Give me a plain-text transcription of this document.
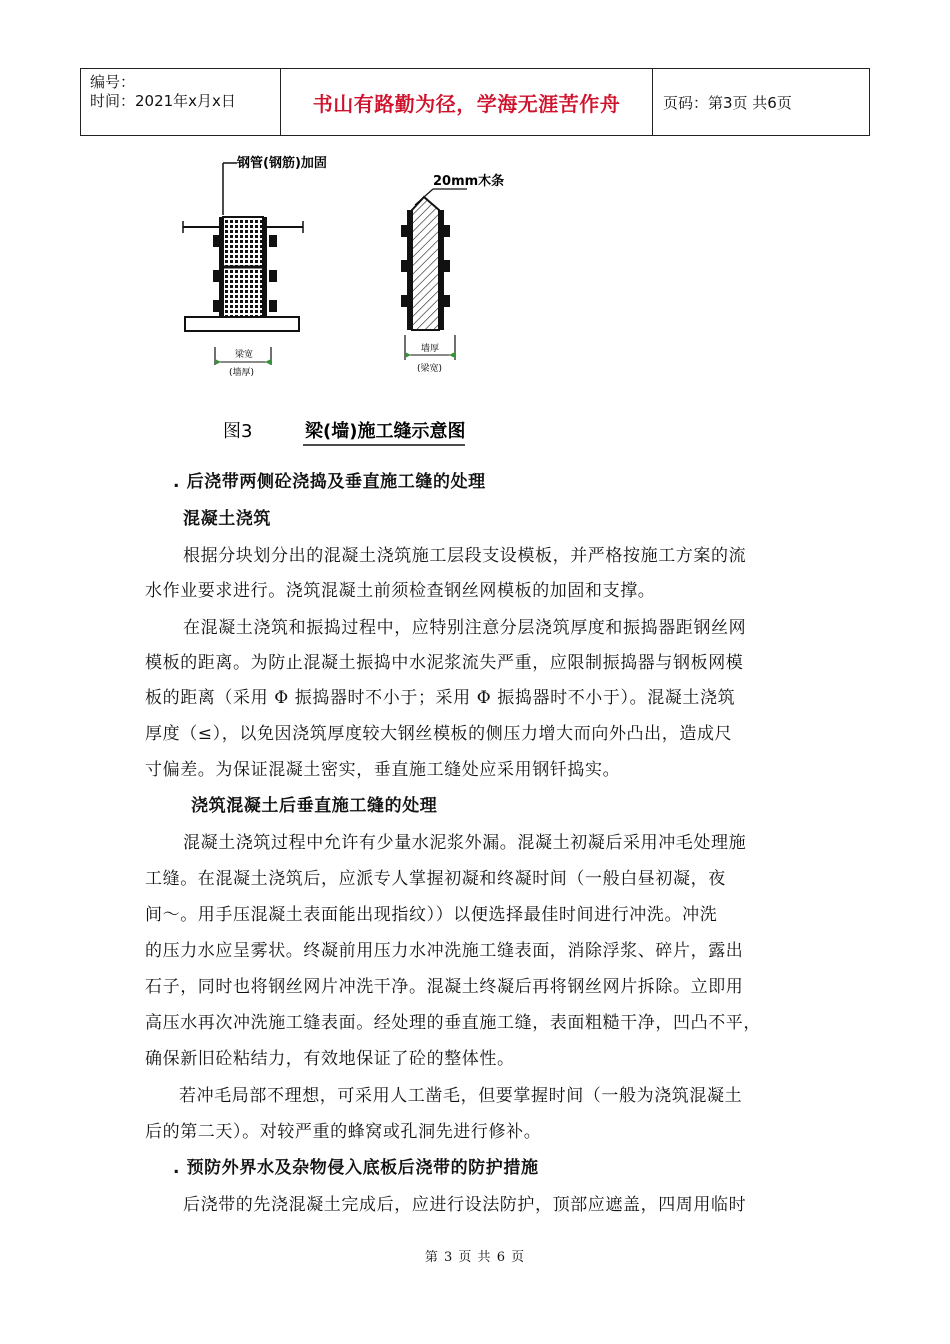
编号：
时间：2021年x月x日	书山有路勤为径，学海无涯苦作舟	页码：第3页 共6页
钢管(钢筋)加固
梁宽
(墙厚)
20mm木条
墙厚
(梁宽)
图3	梁(墙)施工缝示意图
. 后浇带两侧砼浇捣及垂直施工缝的处理
混凝土浇筑
根据分块划分出的混凝土浇筑施工层段支设模板，并严格按施工方案的流
水作业要求进行。浇筑混凝土前须检查钢丝网模板的加固和支撑。
在混凝土浇筑和振捣过程中，应特别注意分层浇筑厚度和振捣器距钢丝网
模板的距离。为防止混凝土振捣中水泥浆流失严重，应限制振捣器与钢板网模
板的距离（采用 Φ 振捣器时不小于；采用 Φ 振捣器时不小于）。混凝土浇筑
厚度（≤），以免因浇筑厚度较大钢丝模板的侧压力增大而向外凸出，造成尺
寸偏差。为保证混凝土密实，垂直施工缝处应采用钢钎捣实。
浇筑混凝土后垂直施工缝的处理
混凝土浇筑过程中允许有少量水泥浆外漏。混凝土初凝后采用冲毛处理施
工缝。在混凝土浇筑后，应派专人掌握初凝和终凝时间（一般白昼初凝，夜
间～。用手压混凝土表面能出现指纹））以便选择最佳时间进行冲洗。冲洗
的压力水应呈雾状。终凝前用压力水冲洗施工缝表面，消除浮浆、碎片，露出
石子，同时也将钢丝网片冲洗干净。混凝土终凝后再将钢丝网片拆除。立即用
高压水再次冲洗施工缝表面。经处理的垂直施工缝，表面粗糙干净，凹凸不平，
确保新旧砼粘结力，有效地保证了砼的整体性。
若冲毛局部不理想，可采用人工凿毛，但要掌握时间（一般为浇筑混凝土
后的第二天）。对较严重的蜂窝或孔洞先进行修补。
. 预防外界水及杂物侵入底板后浇带的防护措施
后浇带的先浇混凝土完成后，应进行设法防护，顶部应遮盖，四周用临时
第 3 页 共 6 页
